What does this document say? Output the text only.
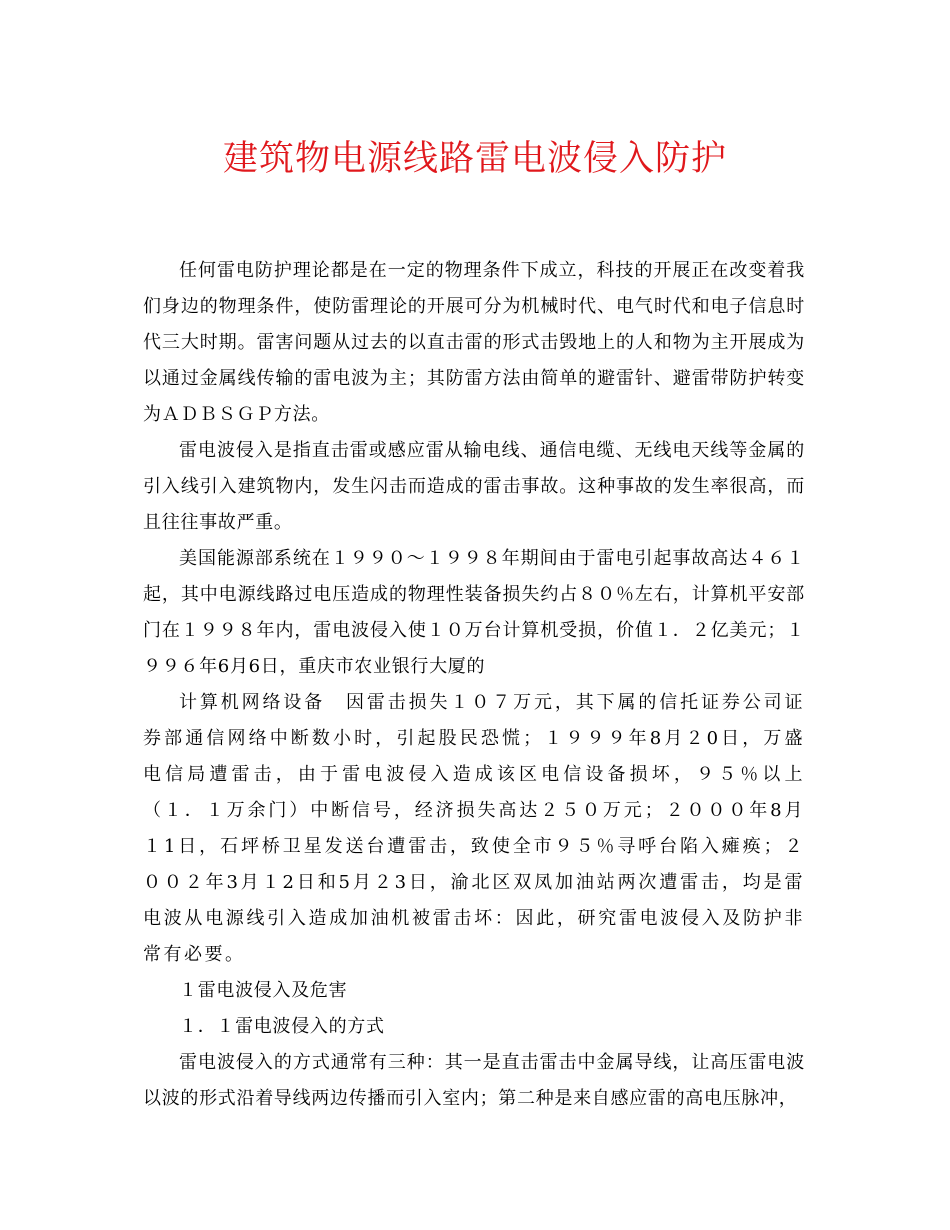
建筑物电源线路雷电波侵入防护

任何雷电防护理论都是在一定的物理条件下成立，科技的开展正在改变着我们身边的物理条件，使防雷理论的开展可分为机械时代、电气时代和电子信息时代三大时期。雷害问题从过去的以直击雷的形式击毁地上的人和物为主开展成为以通过金属线传输的雷电波为主；其防雷方法由简单的避雷针、避雷带防护转变为ＡＤＢＳＧＰ方法。

雷电波侵入是指直击雷或感应雷从输电线、通信电缆、无线电天线等金属的引入线引入建筑物内，发生闪击而造成的雷击事故。这种事故的发生率很高，而且往往事故严重。

美国能源部系统在１９９０～１９９８年期间由于雷电引起事故高达４６１起，其中电源线路过电压造成的物理性装备损失约占８０％左右，计算机平安部门在１９９８年内，雷电波侵入使１０万台计算机受损，价值１．２亿美元；１９９６年6月6日，重庆市农业银行大厦的

计算机网络设备　因雷击损失１０７万元，其下属的信托证券公司证券部通信网络中断数小时，引起股民恐慌；１９９９年8月２0日，万盛电信局遭雷击，由于雷电波侵入造成该区电信设备损坏，９５％以上　（１．１万余门）中断信号，经济损失高达２５０万元；２０００年8月１1日，石坪桥卫星发送台遭雷击，致使全市９５％寻呼台陷入瘫痪；２００２年3月１2日和5月２3日，渝北区双凤加油站两次遭雷击，均是雷电波从电源线引入造成加油机被雷击坏：因此，研究雷电波侵入及防护非常有必要。

１雷电波侵入及危害

１．１雷电波侵入的方式

雷电波侵入的方式通常有三种：其一是直击雷击中金属导线，让高压雷电波以波的形式沿着导线两边传播而引入室内；第二种是来自感应雷的高电压脉冲，
